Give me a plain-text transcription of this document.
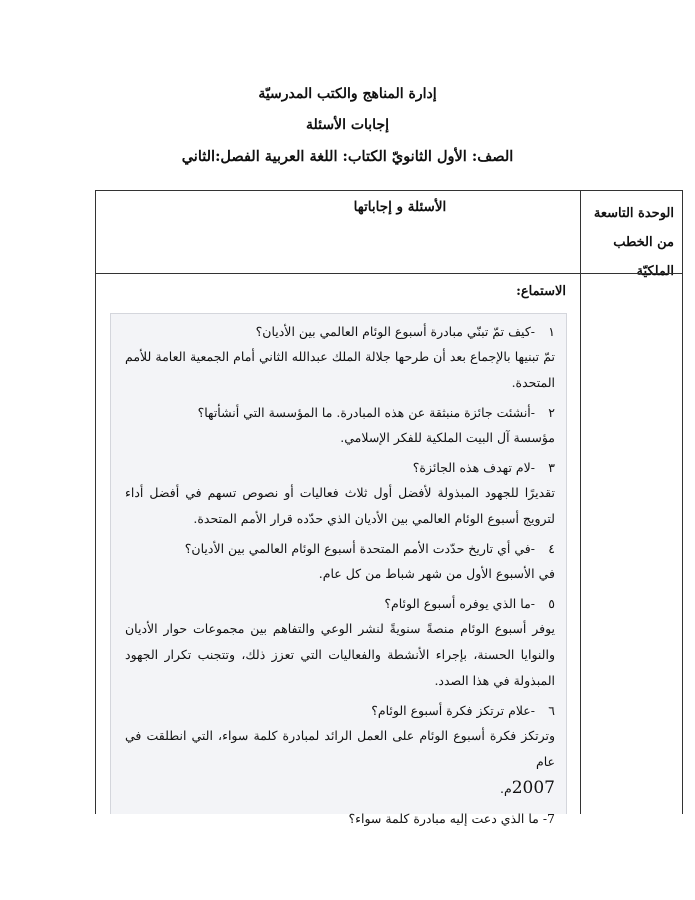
إدارة المناهج والكتب المدرسيّة
إجابات الأسئلة
الصف: الأول الثانويّ الكتاب: اللغة العربية الفصل:الثاني
الوحدة التاسعة
من الخطب
الملكيّة
الأسئلة و إجاباتها
الاستماع:
١
-كيف تمّ تبنّي مبادرة أسبوع الوئام العالمي بين الأديان؟
تمّ تبنيها بالإجماع بعد أن طرحها جلالة الملك عبدالله الثاني أمام الجمعية العامة للأمم المتحدة.
٢
-أنشئت جائزة منبثقة عن هذه المبادرة. ما المؤسسة التي أنشأتها؟
مؤسسة آل البيت الملكية للفكر الإسلامي.
٣
-لام تهدف هذه الجائزة؟
تقديرًا للجهود المبذولة لأفضل أول ثلاث فعاليات أو نصوص تسهم في أفضل أداء لترويج أسبوع الوئام العالمي بين الأديان الذي حدّده قرار الأمم المتحدة.
٤
-في أي تاريخ حدّدت الأمم المتحدة أسبوع الوئام العالمي بين الأديان؟
في الأسبوع الأول من شهر شباط من كل عام.
٥
-ما الذي يوفره أسبوع الوئام؟
يوفر أسبوع الوئام منصةً سنويةً لنشر الوعي والتفاهم بين مجموعات حوار الأديان والنوايا الحسنة، بإجراء الأنشطة والفعاليات التي تعزز ذلك، وتتجنب تكرار الجهود المبذولة في هذا الصدد.
٦
-علام ترتكز فكرة أسبوع الوئام؟
وترتكز فكرة أسبوع الوئام على العمل الرائد لمبادرة كلمة سواء، التي انطلقت في عام
2007م.
7- ما الذي دعت إليه مبادرة كلمة سواء؟
